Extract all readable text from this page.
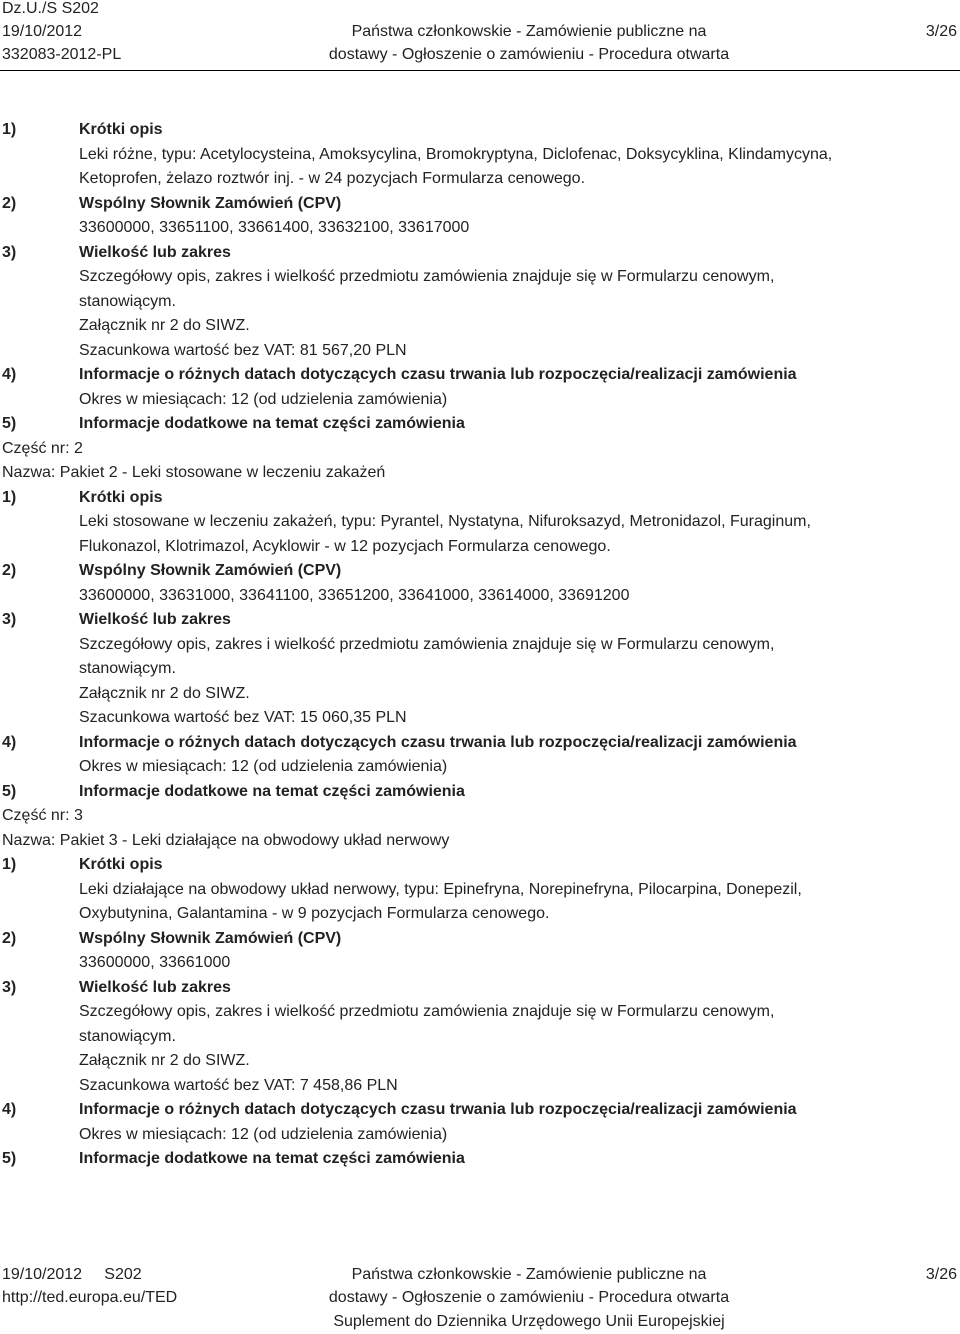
Dz.U./S S202
19/10/2012
332083-2012-PL
Państwa członkowskie - Zamówienie publiczne na
dostawy - Ogłoszenie o zamówieniu - Procedura otwarta
3/26
1)	Krótki opis
Leki różne, typu: Acetylocysteina, Amoksycylina, Bromokryptyna, Diclofenac, Doksycyklina, Klindamycyna,
Ketoprofen, żelazo roztwór inj. - w 24 pozycjach Formularza cenowego.
2)	Wspólny Słownik Zamówień (CPV)
33600000, 33651100, 33661400, 33632100, 33617000
3)	Wielkość lub zakres
Szczegółowy opis, zakres i wielkość przedmiotu zamówienia znajduje się w Formularzu cenowym,
stanowiącym.
Załącznik nr 2 do SIWZ.
Szacunkowa wartość bez VAT: 81 567,20 PLN
4)	Informacje o różnych datach dotyczących czasu trwania lub rozpoczęcia/realizacji zamówienia
Okres w miesiącach: 12 (od udzielenia zamówienia)
5)	Informacje dodatkowe na temat części zamówienia
Część nr: 2
Nazwa: Pakiet 2 - Leki stosowane w leczeniu zakażeń
1)	Krótki opis
Leki stosowane w leczeniu zakażeń, typu: Pyrantel, Nystatyna, Nifuroksazyd, Metronidazol, Furaginum,
Flukonazol, Klotrimazol, Acyklowir - w 12 pozycjach Formularza cenowego.
2)	Wspólny Słownik Zamówień (CPV)
33600000, 33631000, 33641100, 33651200, 33641000, 33614000, 33691200
3)	Wielkość lub zakres
Szczegółowy opis, zakres i wielkość przedmiotu zamówienia znajduje się w Formularzu cenowym,
stanowiącym.
Załącznik nr 2 do SIWZ.
Szacunkowa wartość bez VAT: 15 060,35 PLN
4)	Informacje o różnych datach dotyczących czasu trwania lub rozpoczęcia/realizacji zamówienia
Okres w miesiącach: 12 (od udzielenia zamówienia)
5)	Informacje dodatkowe na temat części zamówienia
Część nr: 3
Nazwa: Pakiet 3 - Leki działające na obwodowy układ nerwowy
1)	Krótki opis
Leki działające na obwodowy układ nerwowy, typu: Epinefryna, Norepinefryna, Pilocarpina, Donepezil,
Oxybutynina, Galantamina - w 9 pozycjach Formularza cenowego.
2)	Wspólny Słownik Zamówień (CPV)
33600000, 33661000
3)	Wielkość lub zakres
Szczegółowy opis, zakres i wielkość przedmiotu zamówienia znajduje się w Formularzu cenowym,
stanowiącym.
Załącznik nr 2 do SIWZ.
Szacunkowa wartość bez VAT: 7 458,86 PLN
4)	Informacje o różnych datach dotyczących czasu trwania lub rozpoczęcia/realizacji zamówienia
Okres w miesiącach: 12 (od udzielenia zamówienia)
5)	Informacje dodatkowe na temat części zamówienia
19/10/2012     S202
http://ted.europa.eu/TED
Państwa członkowskie - Zamówienie publiczne na
dostawy - Ogłoszenie o zamówieniu - Procedura otwarta
Suplement do Dziennika Urzędowego Unii Europejskiej
3/26
